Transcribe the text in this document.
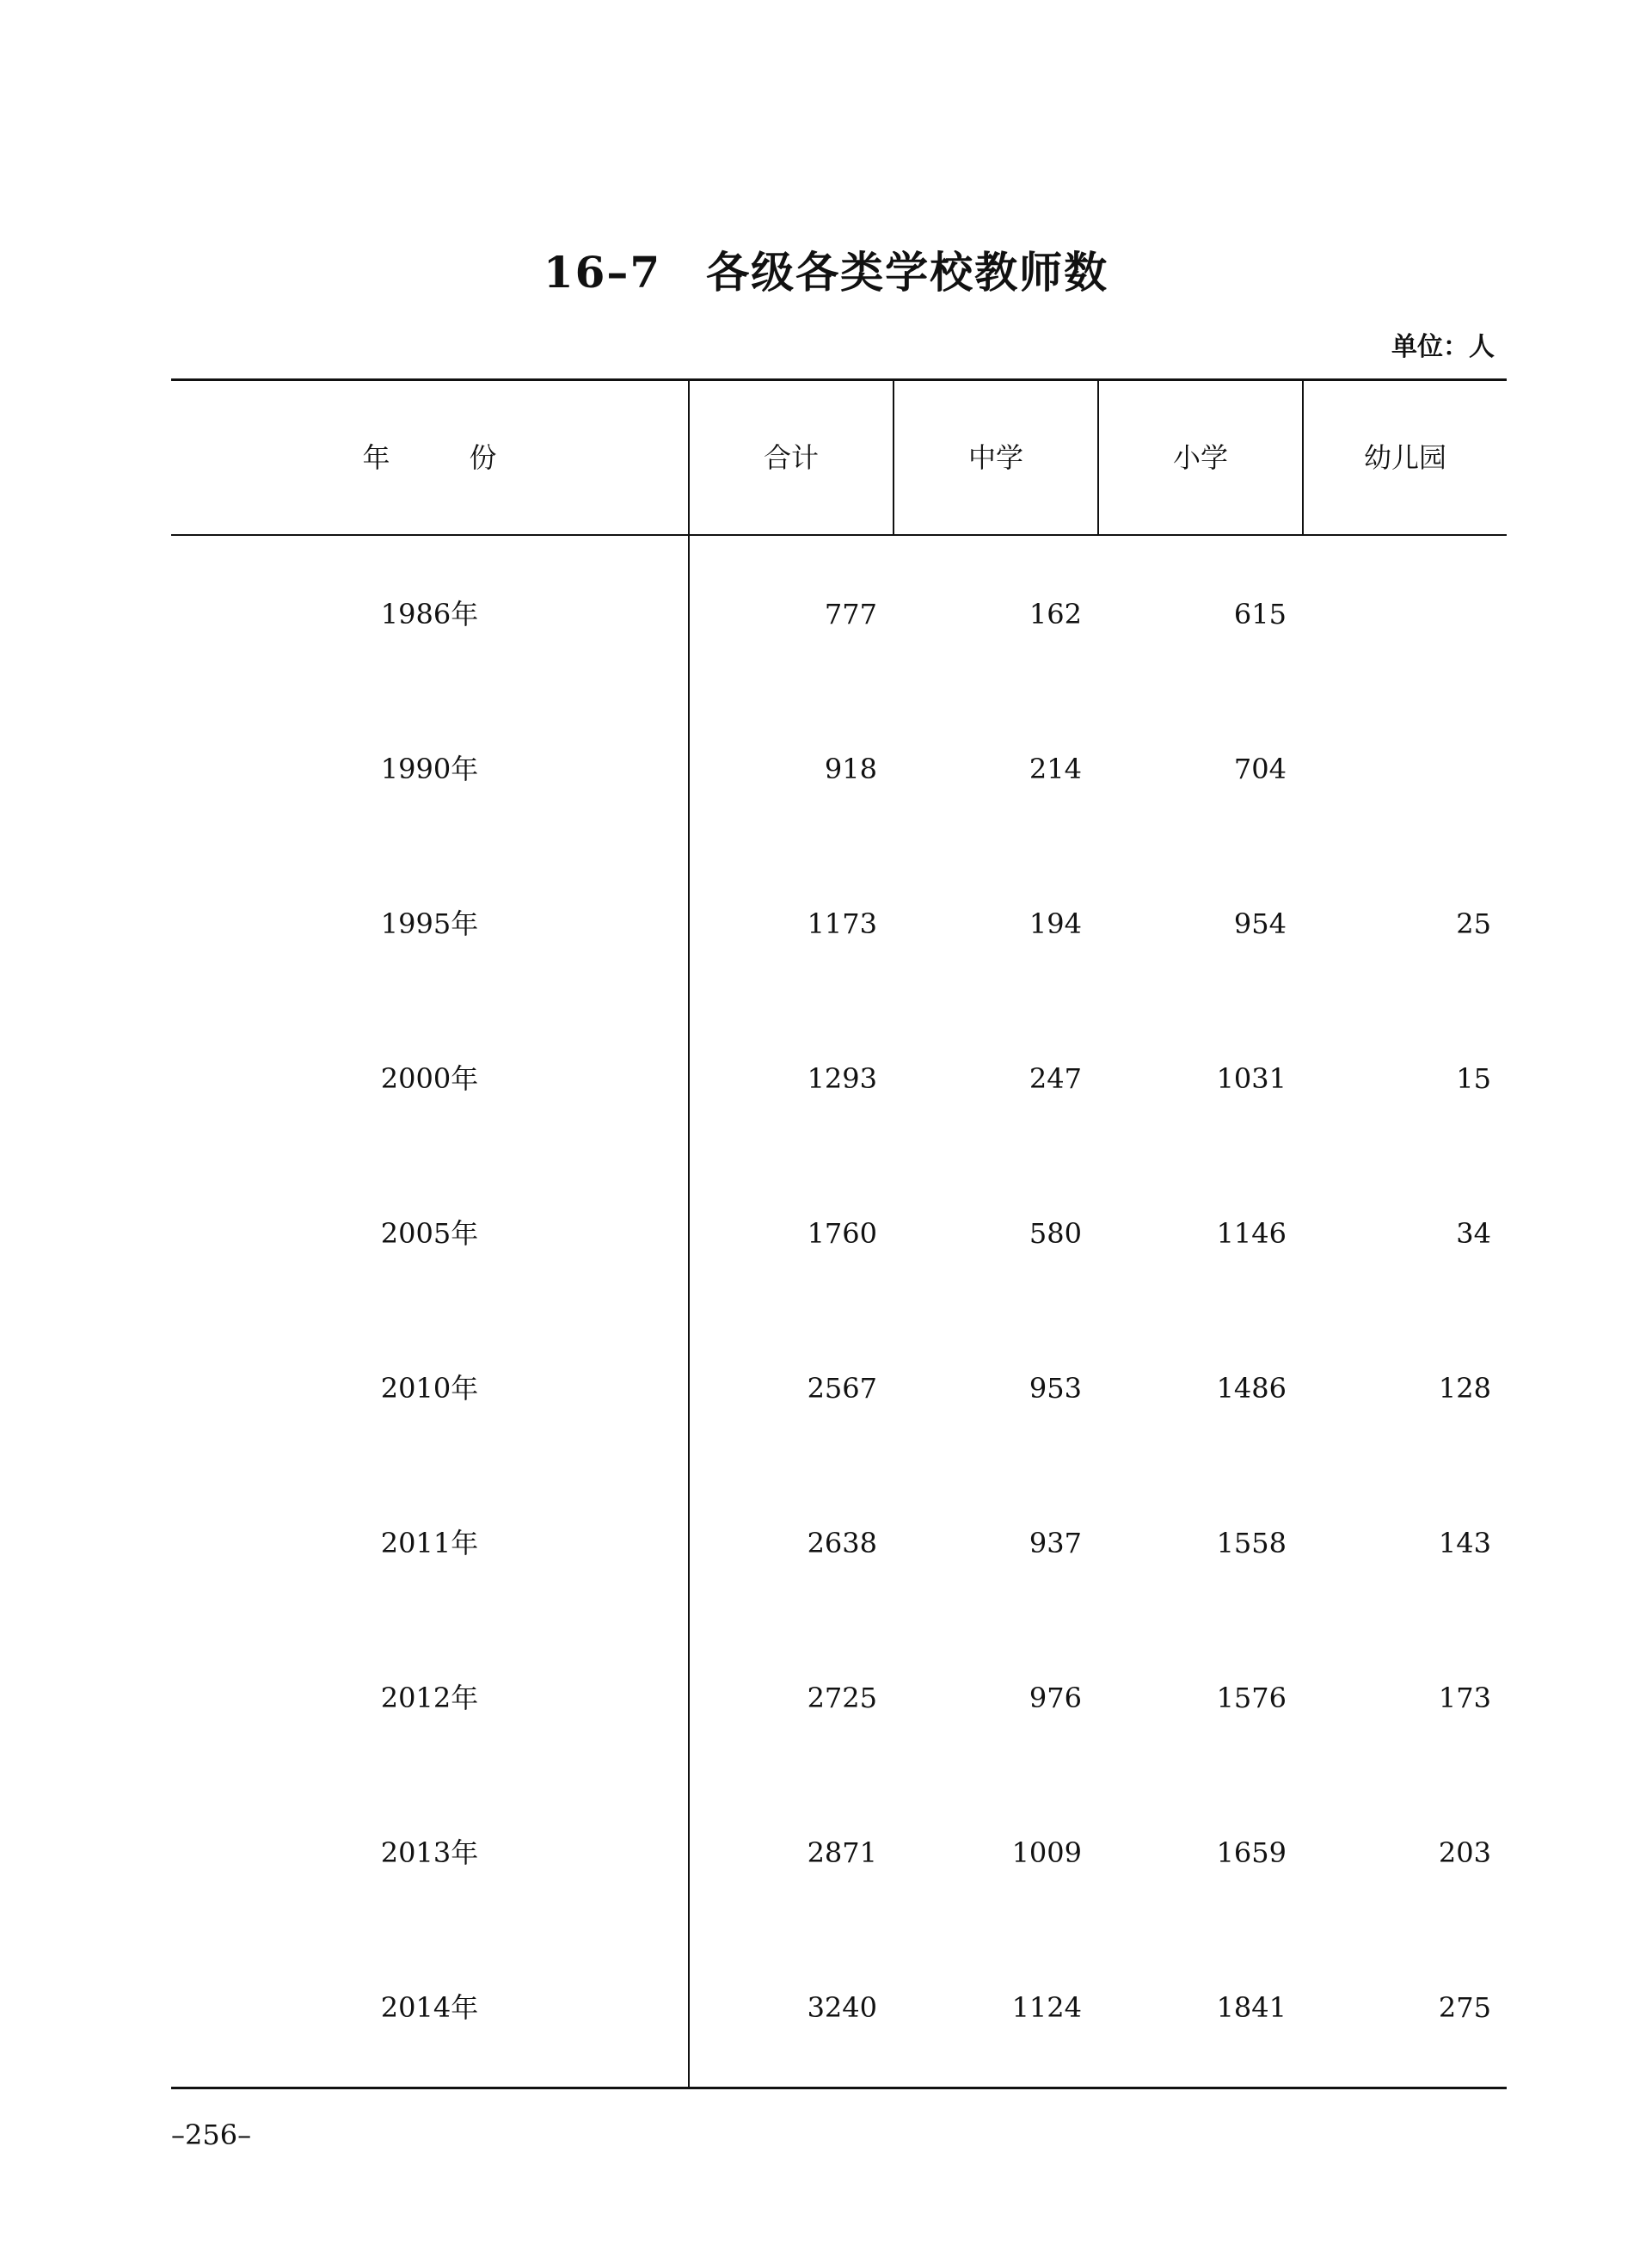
16–7　各级各类学校教师数
单位：人
年　份	合计	中学	小学	幼儿园
1986年	777	162	615
1990年	918	214	704
1995年	1173	194	954	25
2000年	1293	247	1031	15
2005年	1760	580	1146	34
2010年	2567	953	1486	128
2011年	2638	937	1558	143
2012年	2725	976	1576	173
2013年	2871	1009	1659	203
2014年	3240	1124	1841	275
–256–
